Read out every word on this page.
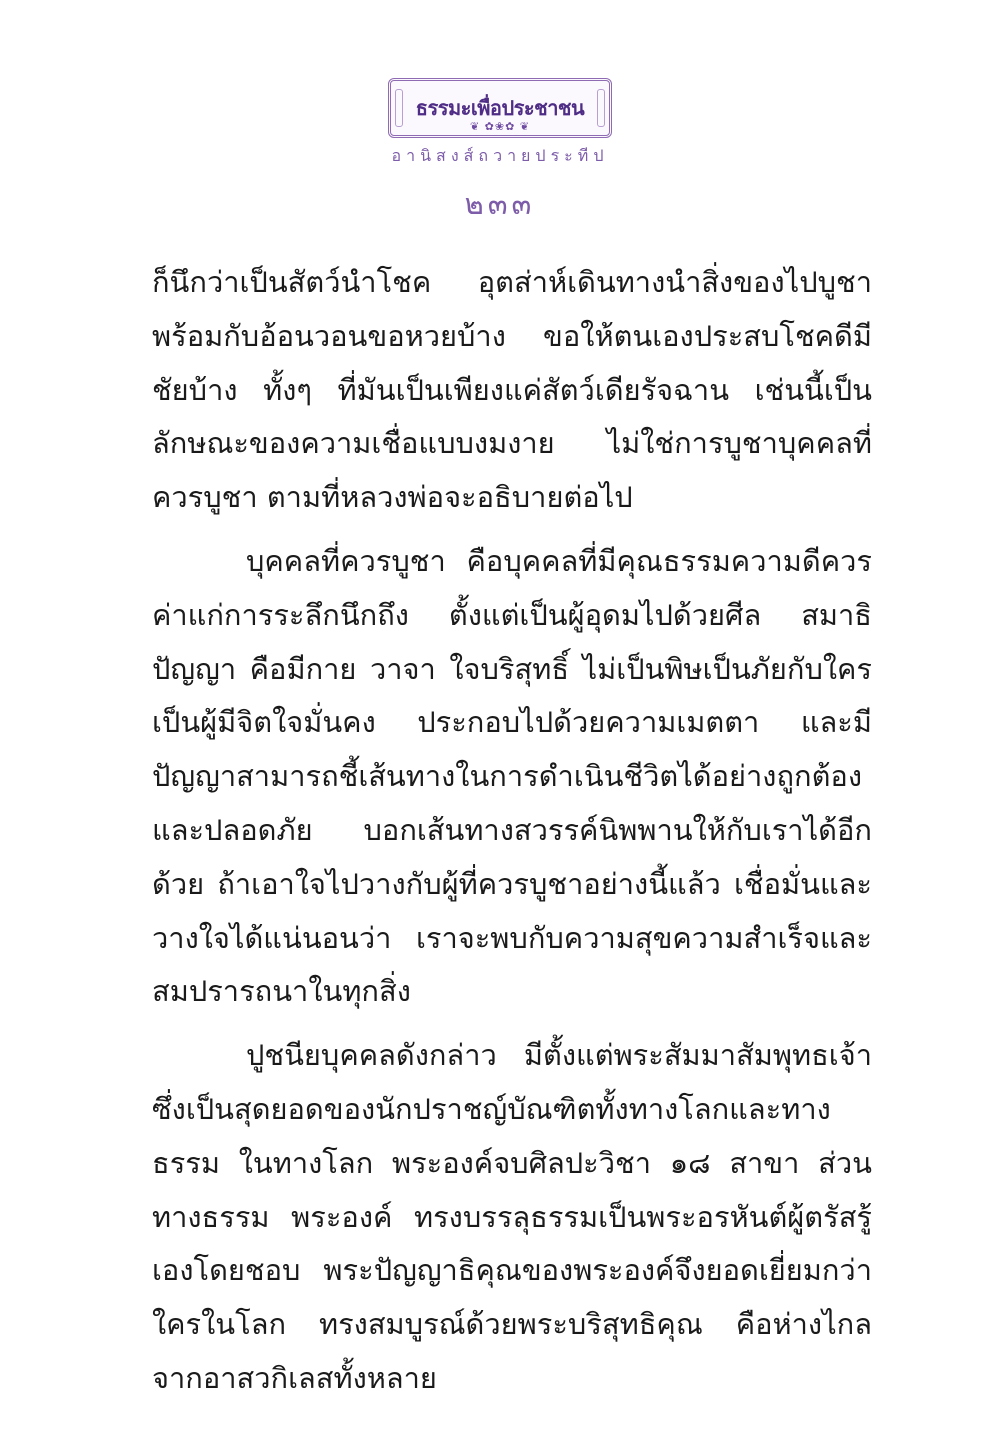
ธรรมะเพื่อประชาชน
❦ ✿❀✿ ❦
อานิสงส์ถวายประทีป
๒๓๓

ก็นึกว่าเป็นสัตว์นำโชค อุตส่าห์เดินทางนำสิ่งของไปบูชาพร้อมกับอ้อนวอนขอหวยบ้าง ขอให้ตนเองประสบโชคดีมีชัยบ้าง ทั้งๆ ที่มันเป็นเพียงแค่สัตว์เดียรัจฉาน เช่นนี้เป็นลักษณะของความเชื่อแบบงมงาย ไม่ใช่การบูชาบุคคลที่ควรบูชา ตามที่หลวงพ่อจะอธิบายต่อไป

บุคคลที่ควรบูชา คือบุคคลที่มีคุณธรรมความดีควรค่าแก่การระลึกนึกถึง ตั้งแต่เป็นผู้อุดมไปด้วยศีล สมาธิ ปัญญา คือมีกาย วาจา ใจบริสุทธิ์ ไม่เป็นพิษเป็นภัยกับใคร เป็นผู้มีจิตใจมั่นคง ประกอบไปด้วยความเมตตา และมีปัญญาสามารถชี้เส้นทางในการดำเนินชีวิตได้อย่างถูกต้องและปลอดภัย บอกเส้นทางสวรรค์นิพพานให้กับเราได้อีกด้วย ถ้าเอาใจไปวางกับผู้ที่ควรบูชาอย่างนี้แล้ว เชื่อมั่นและวางใจได้แน่นอนว่า เราจะพบกับความสุขความสำเร็จและสมปรารถนาในทุกสิ่ง

ปูชนียบุคคลดังกล่าว มีตั้งแต่พระสัมมาสัมพุทธเจ้าซึ่งเป็นสุดยอดของนักปราชญ์บัณฑิตทั้งทางโลกและทางธรรม ในทางโลก พระองค์จบศิลปะวิชา ๑๘ สาขา ส่วนทางธรรม พระองค์ ทรงบรรลุธรรมเป็นพระอรหันต์ผู้ตรัสรู้เองโดยชอบ พระปัญญาธิคุณของพระองค์จึงยอดเยี่ยมกว่าใครในโลก ทรงสมบูรณ์ด้วยพระบริสุทธิคุณ คือห่างไกลจากอาสวกิเลสทั้งหลาย
